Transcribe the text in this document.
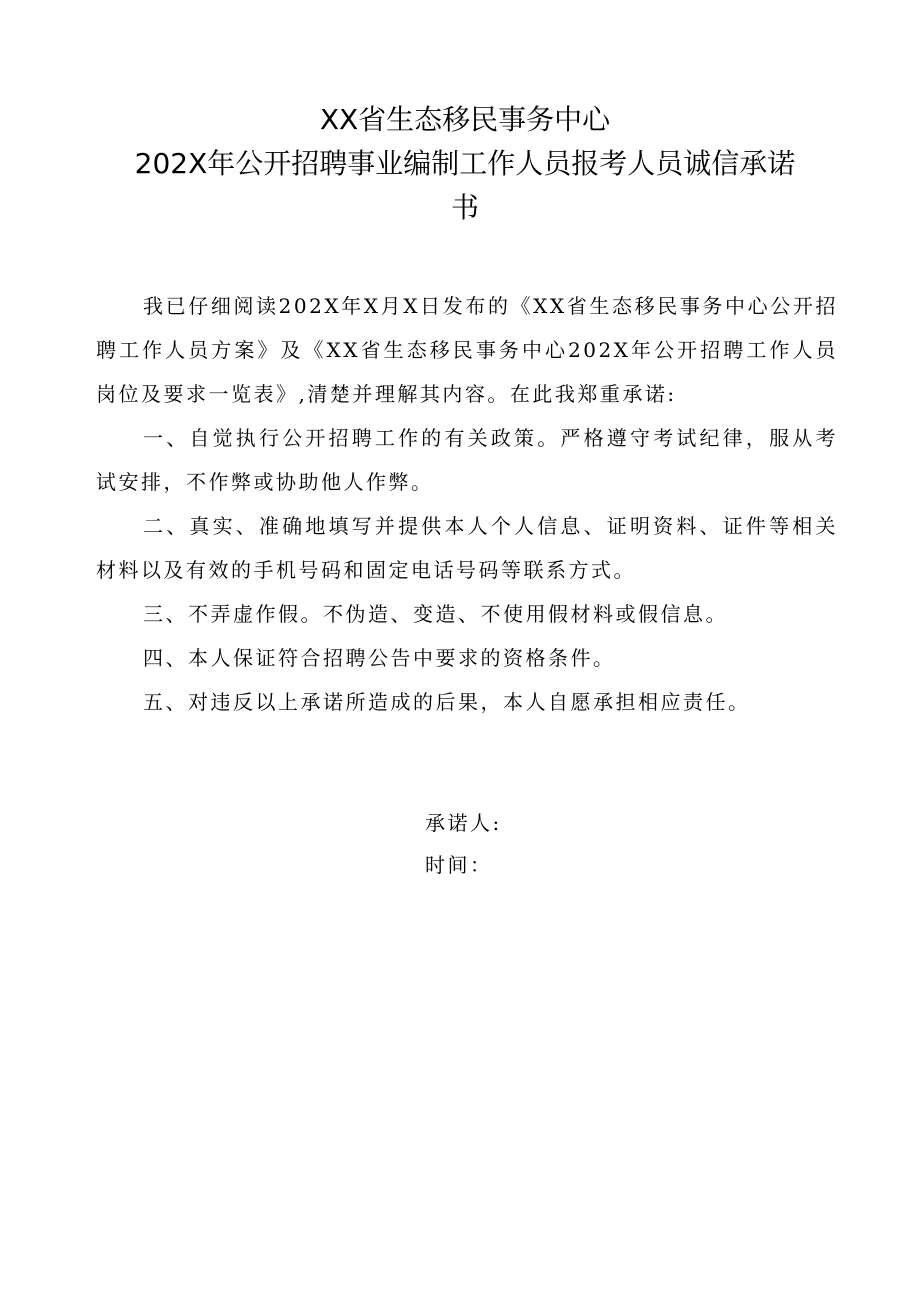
XX省生态移民事务中心
202X年公开招聘事业编制工作人员报考人员诚信承诺
书

我已仔细阅读202X年X月X日发布的《XX省生态移民事务中心公开招聘工作人员方案》及《XX省生态移民事务中心202X年公开招聘工作人员岗位及要求一览表》,清楚并理解其内容。在此我郑重承诺:

一、自觉执行公开招聘工作的有关政策。严格遵守考试纪律，服从考试安排，不作弊或协助他人作弊。

二、真实、准确地填写并提供本人个人信息、证明资料、证件等相关材料以及有效的手机号码和固定电话号码等联系方式。

三、不弄虚作假。不伪造、变造、不使用假材料或假信息。

四、本人保证符合招聘公告中要求的资格条件。

五、对违反以上承诺所造成的后果，本人自愿承担相应责任。

承诺人:
时间：
